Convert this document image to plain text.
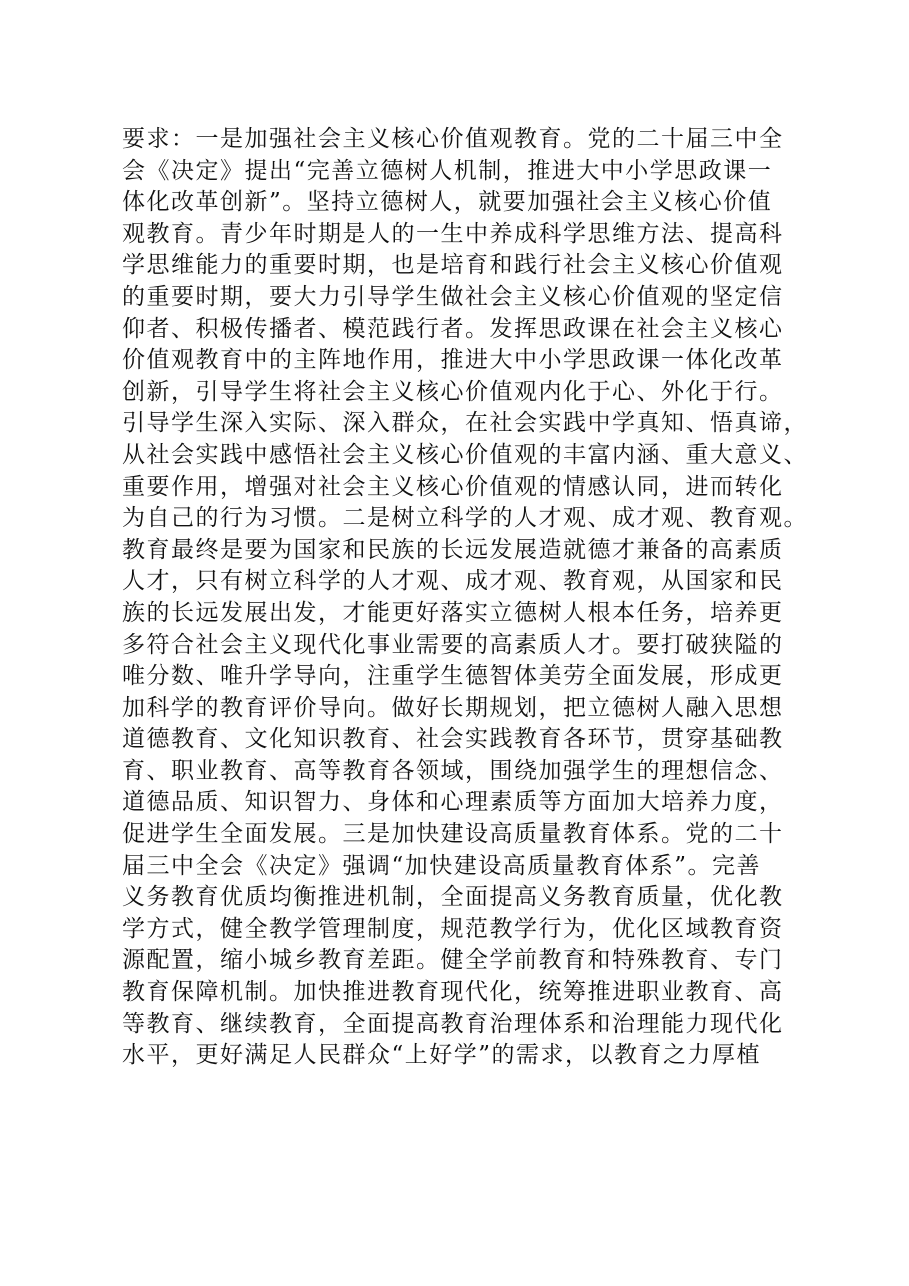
要求：一是加强社会主义核心价值观教育。党的二十届三中全
会《决定》提出“完善立德树人机制，推进大中小学思政课一
体化改革创新”。坚持立德树人，就要加强社会主义核心价值
观教育。青少年时期是人的一生中养成科学思维方法、提高科
学思维能力的重要时期，也是培育和践行社会主义核心价值观
的重要时期，要大力引导学生做社会主义核心价值观的坚定信
仰者、积极传播者、模范践行者。发挥思政课在社会主义核心
价值观教育中的主阵地作用，推进大中小学思政课一体化改革
创新，引导学生将社会主义核心价值观内化于心、外化于行。
引导学生深入实际、深入群众，在社会实践中学真知、悟真谛，
从社会实践中感悟社会主义核心价值观的丰富内涵、重大意义、
重要作用，增强对社会主义核心价值观的情感认同，进而转化
为自己的行为习惯。二是树立科学的人才观、成才观、教育观。
教育最终是要为国家和民族的长远发展造就德才兼备的高素质
人才，只有树立科学的人才观、成才观、教育观，从国家和民
族的长远发展出发，才能更好落实立德树人根本任务，培养更
多符合社会主义现代化事业需要的高素质人才。要打破狭隘的
唯分数、唯升学导向，注重学生德智体美劳全面发展，形成更
加科学的教育评价导向。做好长期规划，把立德树人融入思想
道德教育、文化知识教育、社会实践教育各环节，贯穿基础教
育、职业教育、高等教育各领域，围绕加强学生的理想信念、
道德品质、知识智力、身体和心理素质等方面加大培养力度，
促进学生全面发展。三是加快建设高质量教育体系。党的二十
届三中全会《决定》强调“加快建设高质量教育体系”。完善
义务教育优质均衡推进机制，全面提高义务教育质量，优化教
学方式，健全教学管理制度，规范教学行为，优化区域教育资
源配置，缩小城乡教育差距。健全学前教育和特殊教育、专门
教育保障机制。加快推进教育现代化，统筹推进职业教育、高
等教育、继续教育，全面提高教育治理体系和治理能力现代化
水平，更好满足人民群众“上好学”的需求，以教育之力厚植
